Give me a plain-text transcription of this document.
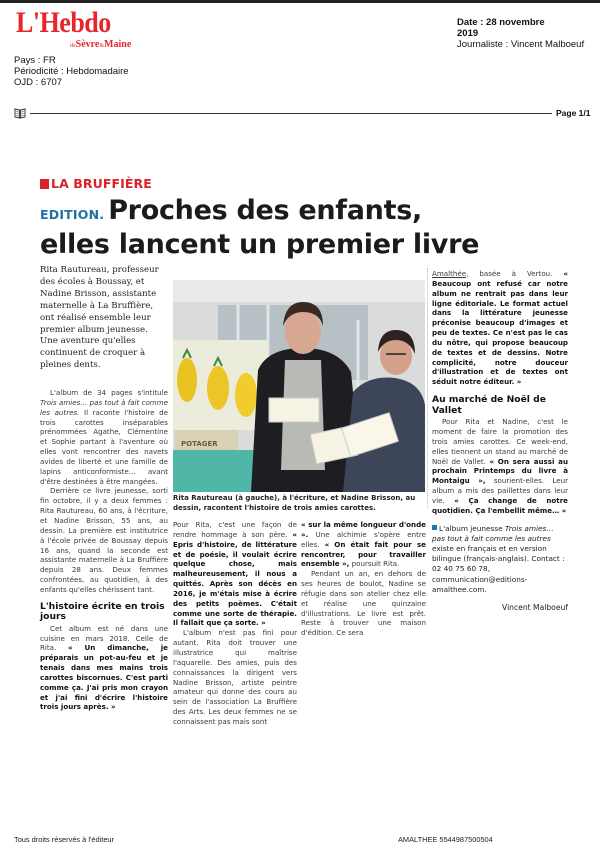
L'Hebdo
deSèvre&Maine
Pays : FR
Périodicité : Hebdomadaire
OJD : 6707
Date : 28 novembre
2019
Journaliste : Vincent Malboeuf
Page 1/1
LA BRUFFIÈRE
EDITION. Proches des enfants,
elles lancent un premier livre
Rita Rautureau, professeur des écoles à Boussay, et Nadine Brisson, assistante maternelle à La Bruffière, ont réalisé ensemble leur premier album jeunesse. Une aventure qu'elles continuent de croquer à pleines dents.

L'album de 34 pages s'intitule Trois amies… pas tout à fait comme les autres. Il raconte l'histoire de trois carottes inséparables prénommées Agathe, Clémentine et Sophie partant à l'aventure où elles vont rencontrer des navets avides de liberté et une famille de lapins anticonformiste… avant d'être destinées à être mangées.

Derrière ce livre jeunesse, sorti fin octobre, il y a deux femmes : Rita Rautureau, 60 ans, à l'écriture, et Nadine Brisson, 55 ans, au dessin. La première est institutrice à l'école privée de Boussay depuis 16 ans, quand la seconde est assistante maternelle à La Bruffière depuis 28 ans. Deux femmes confrontées, au quotidien, à des enfants qu'elles chérissent tant.

L'histoire écrite en trois jours

Cet album est né dans une cuisine en mars 2018. Celle de Rita. « Un dimanche, je préparais un pot-au-feu et je tenais dans mes mains trois carottes biscornues. C'est parti comme ça. J'ai pris mon crayon et j'ai fini d'écrire l'histoire trois jours après. »

POTAGER
Rita Rautureau (à gauche), à l'écriture, et Nadine Brisson, au dessin, racontent l'histoire de trois amies carottes.

Pour Rita, c'est une façon de rendre hommage à son père. « Epris d'histoire, de littérature et de poésie, il voulait écrire quelque chose, mais malheureusement, il nous a quittés. Après son décès en 2016, je m'étais mise à écrire des petits poèmes. C'était comme une sorte de thérapie. Il fallait que ça sorte. »

L'album n'est pas fini pour autant. Rita doit trouver une illustratrice qui maîtrise l'aquarelle. Des amies, puis des connaissances la dirigent vers Nadine Brisson, artiste peintre amateur qui donne des cours au sein de l'association La Bruffière des Arts. Les deux femmes ne se connaissent pas mais sont

« sur la même longueur d'onde ». Une alchimie s'opère entre elles. « On était fait pour se rencontrer, pour travailler ensemble », poursuit Rita.

Pendant un an, en dehors de ses heures de boulot, Nadine se réfugie dans son atelier chez elle et réalise une quinzaine d'illustrations. Le livre est prêt. Reste à trouver une maison d'édition. Ce sera

Amalthée, basée à Vertou. « Beaucoup ont refusé car notre album ne rentrait pas dans leur ligne éditoriale. Le format actuel dans la littérature jeunesse préconise beaucoup d'images et peu de textes. Ce n'est pas le cas du nôtre, qui propose beaucoup de textes et de dessins. Notre complicité, notre douceur d'illustration et de textes ont séduit notre éditeur. »

Au marché de Noël de Vallet

Pour Rita et Nadine, c'est le moment de faire la promotion des trois amies carottes. Ce week-end, elles tiennent un stand au marché de Noël de Vallet. « On sera aussi au prochain Printemps du livre à Montaigu », sourient-elles. Leur album a mis des paillettes dans leur vie. « Ça change de notre quotidien. Ça l'embellit même… »

L'album jeunesse Trois amies… pas tout à fait comme les autres existe en français et en version bilingue (français-anglais). Contact : 02 40 75 60 78, communication@editions-amalthee.com.
Vincent Malboeuf
Tous droits réservés à l'éditeur	AMALTHEE 5544987500504
